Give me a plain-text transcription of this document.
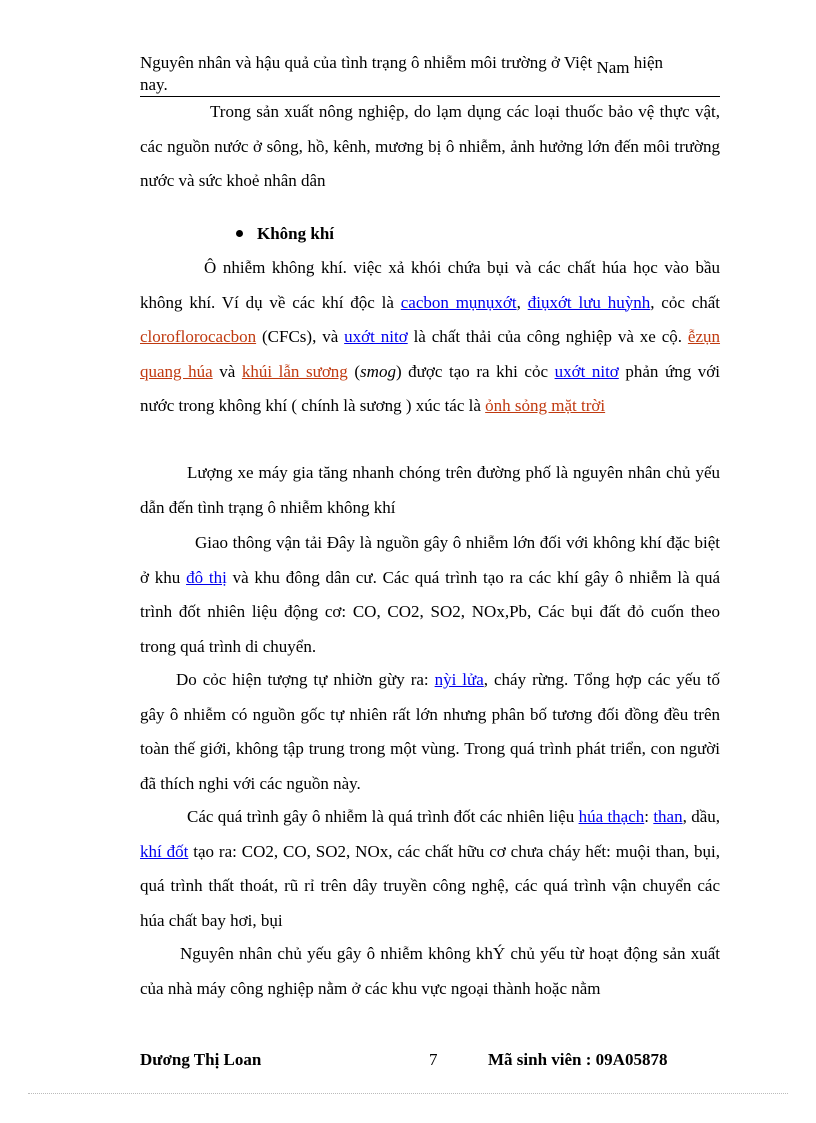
Nguyên nhân và hậu quả của tình trạng ô nhiễm môi trường ở Việt Nam hiện
nay.

Trong sản xuất nông nghiệp, do lạm dụng các loại thuốc bảo vệ thực vật, các nguồn nước ở sông, hồ, kênh, mương bị ô nhiễm, ảnh hưởng lớn đến môi trường nước và sức khoẻ nhân dân

Không khí

Ô nhiễm không khí. việc xả khói chứa bụi và các chất húa học vào bầu không khí. Ví dụ về các khí độc là cacbon mụnụxớt, điụxớt lưu huỳnh, cỏc chất cloroflorocacbon (CFCs), và uxớt nitơ là chất thải của công nghiệp và xe cộ. ễzụn quang húa và khúi lẫn sương (smog) được tạo ra khi cỏc uxớt nitơ phản ứng với nước trong không khí ( chính là sương ) xúc tác là ỏnh sỏng mặt trời

Lượng xe máy gia tăng nhanh chóng trên đường phố là nguyên nhân chủ yếu dẫn đến tình trạng ô nhiễm không khí

Giao thông vận tải Đây là nguồn gây ô nhiễm lớn đối với không khí đặc biệt ở khu đô thị và khu đông dân cư. Các quá trình tạo ra các khí gây ô nhiễm là quá trình đốt nhiên liệu động cơ: CO, CO2, SO2, NOx,Pb, Các bụi đất đỏ cuốn theo trong quá trình di chuyển.

Do cỏc hiện tượng tự nhiờn gừy ra: nỳi lửa, cháy rừng. Tổng hợp các yếu tố gây ô nhiễm có nguồn gốc tự nhiên rất lớn nhưng phân bố tương đối đồng đều trên toàn thế giới, không tập trung trong một vùng. Trong quá trình phát triển, con người đã thích nghi với các nguồn này.

Các quá trình gây ô nhiễm là quá trình đốt các nhiên liệu húa thạch: than, dầu, khí đốt tạo ra: CO2, CO, SO2, NOx, các chất hữu cơ chưa cháy hết: muội than, bụi, quá trình thất thoát, rũ rỉ trên dây truyền công nghệ, các quá trình vận chuyển các húa chất bay hơi, bụi

Nguyên nhân chủ yếu gây ô nhiễm không khÝ chủ yếu từ hoạt động sản xuất của nhà máy công nghiệp nằm ở các khu vực ngoại thành hoặc nằm

Dương Thị Loan	7	Mã sinh viên : 09A05878
